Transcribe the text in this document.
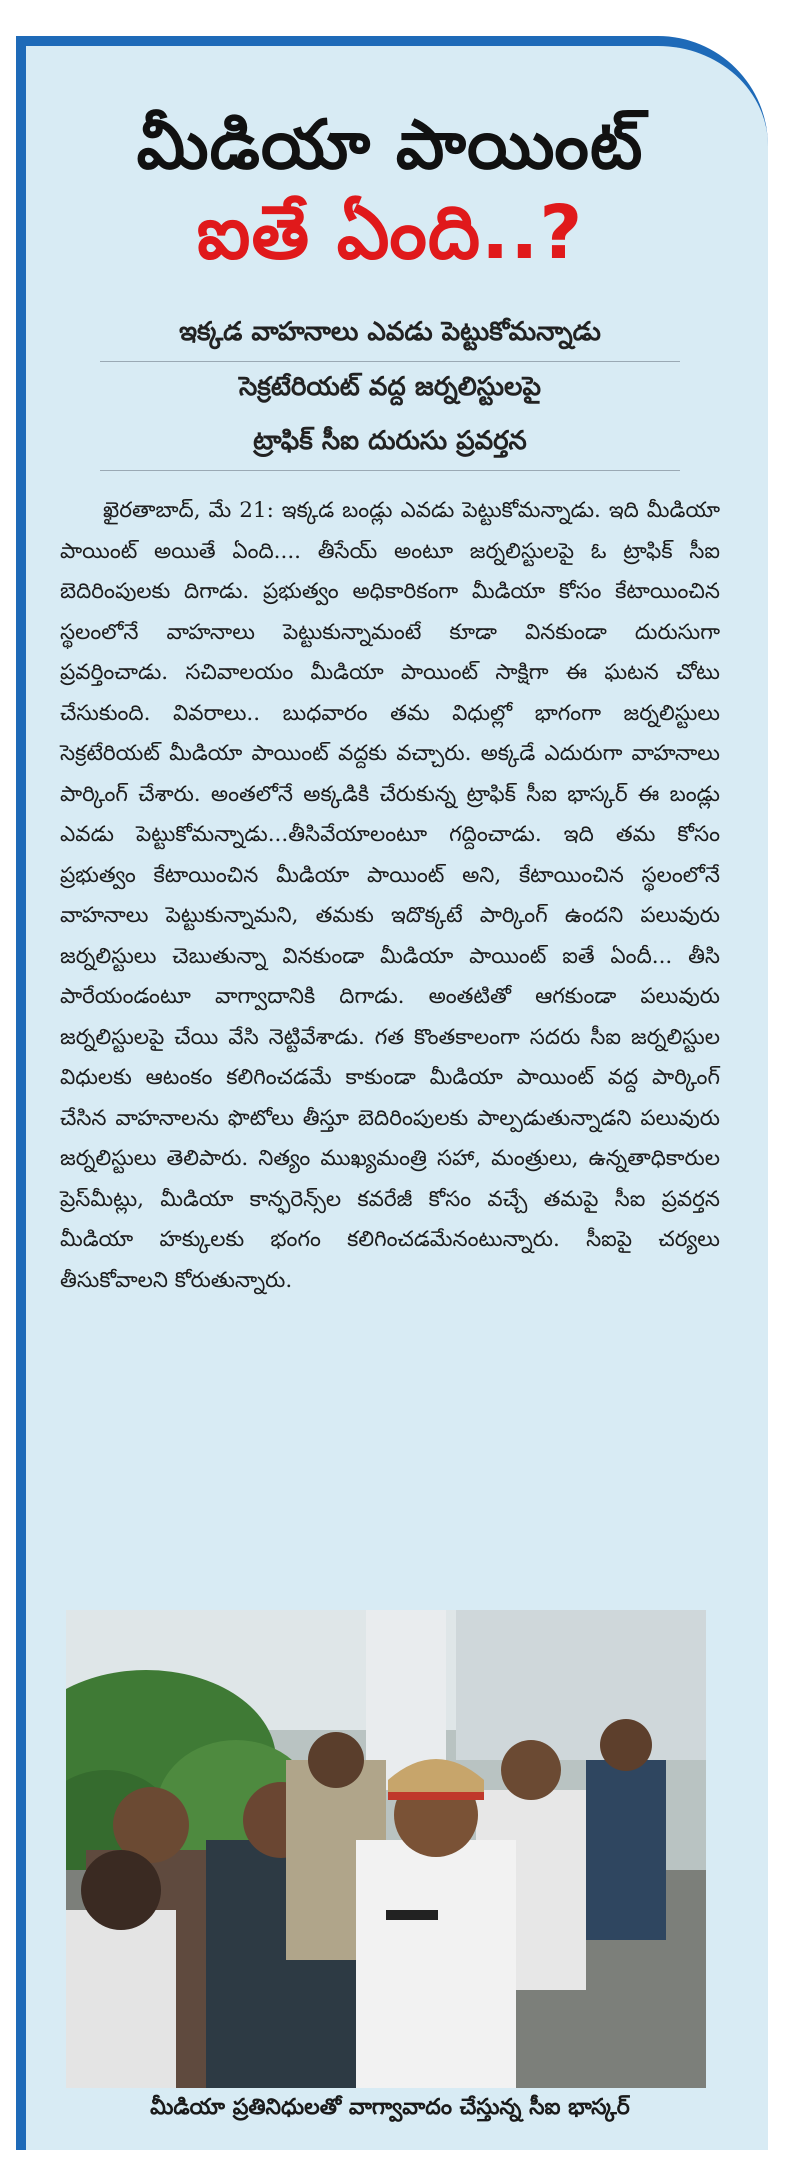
మీడియా పాయింట్
ఐతే ఏంది..?
ఇక్కడ వాహనాలు ఎవడు పెట్టుకోమన్నాడు
సెక్రటేరియట్ వద్ద జర్నలిస్టులపై
ట్రాఫిక్ సీఐ దురుసు ప్రవర్తన
ఖైరతాబాద్, మే 21: ఇక్కడ బండ్లు ఎవడు పెట్టుకోమన్నాడు. ఇది మీడియా పాయింట్ అయితే ఏంది.... తీసేయ్ అంటూ జర్నలిస్టులపై ఓ ట్రాఫిక్ సీఐ బెదిరింపులకు దిగాడు. ప్రభుత్వం అధికారికంగా మీడియా కోసం కేటాయించిన స్థలంలోనే వాహనాలు పెట్టుకున్నామంటే కూడా వినకుండా దురుసుగా ప్రవర్తించాడు. సచివాలయం మీడియా పాయింట్ సాక్షిగా ఈ ఘటన చోటు చేసుకుంది. వివరాలు.. బుధవారం తమ విధుల్లో భాగంగా జర్నలిస్టులు సెక్రటేరియట్ మీడియా పాయింట్ వద్దకు వచ్చారు. అక్కడే ఎదురుగా వాహనాలు పార్కింగ్ చేశారు. అంతలోనే అక్కడికి చేరుకున్న ట్రాఫిక్ సీఐ భాస్కర్ ఈ బండ్లు ఎవడు పెట్టుకోమన్నాడు...తీసివేయాలంటూ గద్దించాడు. ఇది తమ కోసం ప్రభుత్వం కేటాయించిన మీడియా పాయింట్ అని, కేటాయించిన స్థలంలోనే వాహనాలు పెట్టుకున్నామని, తమకు ఇదొక్కటే పార్కింగ్ ఉందని పలువురు జర్నలిస్టులు చెబుతున్నా వినకుండా మీడియా పాయింట్ ఐతే ఏందీ... తీసి పారేయండంటూ వాగ్వాదానికి దిగాడు. అంతటితో ఆగకుండా పలువురు జర్నలిస్టులపై చేయి వేసి నెట్టివేశాడు. గత కొంతకాలంగా సదరు సీఐ జర్నలిస్టుల విధులకు ఆటంకం కలిగించడమే కాకుండా మీడియా పాయింట్ వద్ద పార్కింగ్ చేసిన వాహనాలను ఫొటోలు తీస్తూ బెదిరింపులకు పాల్పడుతున్నాడని పలువురు జర్నలిస్టులు తెలిపారు. నిత్యం ముఖ్యమంత్రి సహా, మంత్రులు, ఉన్నతాధికారుల ప్రెస్‌మీట్లు, మీడియా కాన్ఫరెన్స్‌ల కవరేజీ కోసం వచ్చే తమపై సీఐ ప్రవర్తన మీడియా హక్కులకు భంగం కలిగించడమేనంటున్నారు. సీఐపై చర్యలు తీసుకోవాలని కోరుతున్నారు.
మీడియా ప్రతినిధులతో వాగ్వావాదం చేస్తున్న సీఐ భాస్కర్
